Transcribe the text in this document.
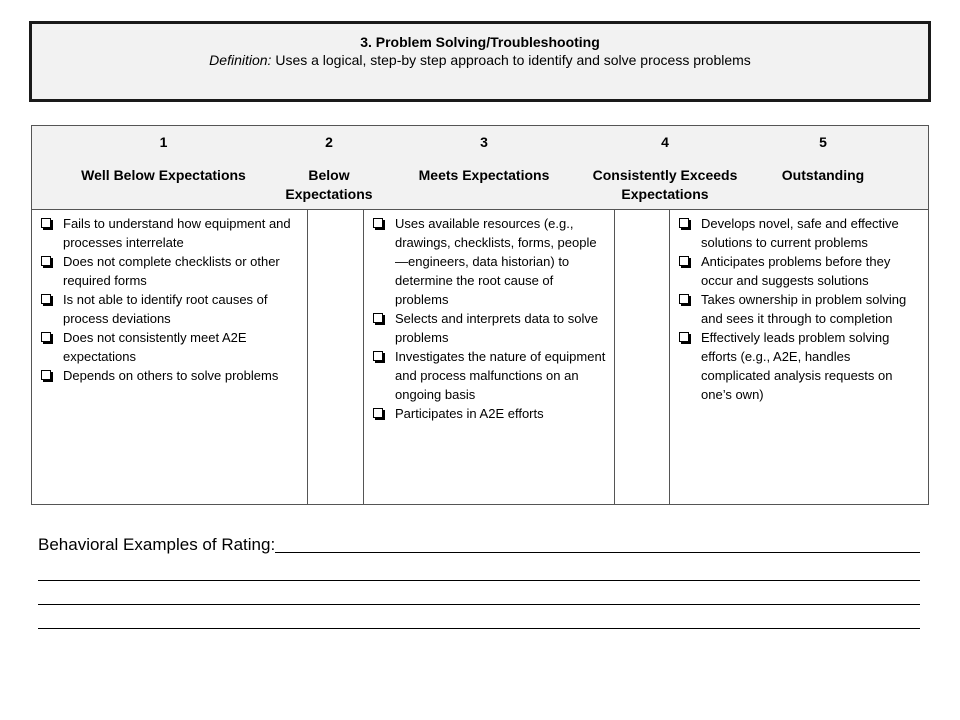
3. Problem Solving/Troubleshooting
Definition: Uses a logical, step-by step approach to identify and solve process problems
1
Well Below Expectations
2
Below Expectations
3
Meets Expectations
4
Consistently Exceeds Expectations
5
Outstanding
Fails to understand how equipment and processes interrelate
Does not complete checklists or other required forms
Is not able to identify root causes of process deviations
Does not consistently meet A2E expectations
Depends on others to solve problems
Uses available resources (e.g., drawings, checklists, forms, people—engineers, data historian) to determine the root cause of problems
Selects and interprets data to solve problems
Investigates the nature of equipment and process malfunctions on an ongoing basis
Participates in A2E efforts
Develops novel, safe and effective solutions to current problems
Anticipates problems before they occur and suggests solutions
Takes ownership in problem solving and sees it through to completion
Effectively leads problem solving efforts (e.g., A2E, handles complicated analysis requests on one’s own)
Behavioral Examples of Rating:
